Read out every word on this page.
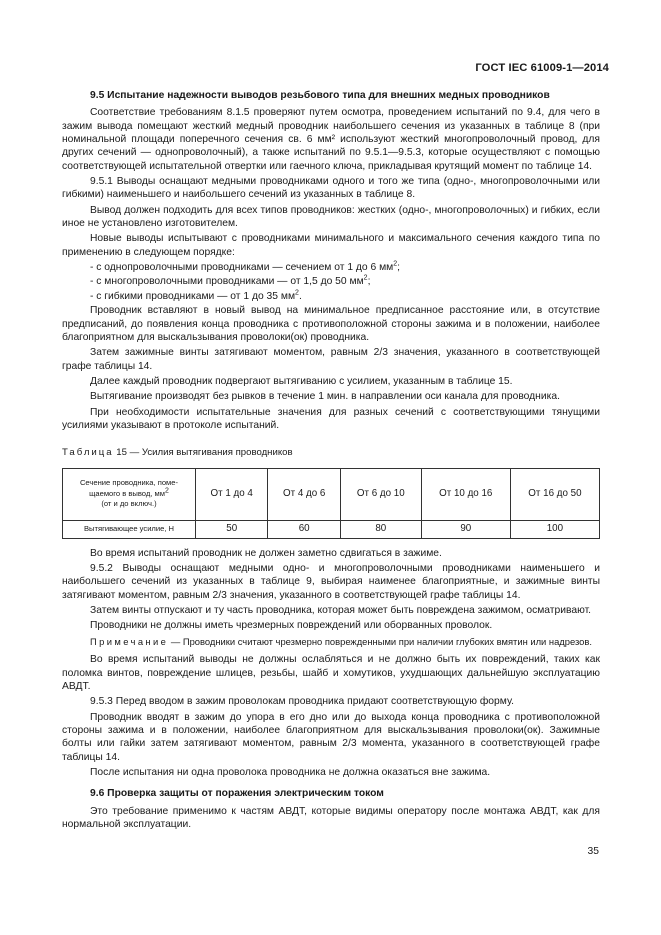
ГОСТ IEC 61009-1—2014
9.5 Испытание надежности выводов резьбового типа для внешних медных проводников
Соответствие требованиям 8.1.5 проверяют путем осмотра, проведением испытаний по 9.4, для чего в зажим вывода помещают жесткий медный проводник наибольшего сечения из указанных в таблице 8 (при номинальной площади поперечного сечения св. 6 мм² используют жесткий многопроволочный провод, для других сечений — однопроволочный), а также испытаний по 9.5.1—9.5.3, которые осуществляют с помощью соответствующей испытательной отвертки или гаечного ключа, прикладывая крутящий момент по таблице 14.
9.5.1 Выводы оснащают медными проводниками одного и того же типа (одно-, многопроволочными или гибкими) наименьшего и наибольшего сечений из указанных в таблице 8.
Вывод должен подходить для всех типов проводников: жестких (одно-, многопроволочных) и гибких, если иное не установлено изготовителем.
Новые выводы испытывают с проводниками минимального и максимального сечения каждого типа по применению в следующем порядке:
- с однопроволочными проводниками — сечением от 1 до 6 $мм^2$;
- с многопроволочными проводниками — от 1,5 до 50 $мм^2$;
- с гибкими проводниками — от 1 до 35 $мм^2$.
Проводник вставляют в новый вывод на минимальное предписанное расстояние или, в отсутствие предписаний, до появления конца проводника с противоположной стороны зажима и в положении, наиболее благоприятном для выскальзывания проволоки(ок) проводника.
Затем зажимные винты затягивают моментом, равным 2/3 значения, указанного в соответствующей графе таблицы 14.
Далее каждый проводник подвергают вытягиванию с усилием, указанным в таблице 15.
Вытягивание производят без рывков в течение 1 мин. в направлении оси канала для проводника.
При необходимости испытательные значения для разных сечений с соответствующими тянущими усилиями указывают в протоколе испытаний.
Таблица 15 — Усилия вытягивания проводников
Сечение проводника, поме-
щаемого в вывод, $мм^2$
(от и до включ.)	От 1 до 4	От 4 до 6	От 6 до 10	От 10 до 16	От 16 до 50
Вытягивающее усилие, Н	50	60	80	90	100
Во время испытаний проводник не должен заметно сдвигаться в зажиме.
9.5.2 Выводы оснащают медными одно- и многопроволочными проводниками наименьшего и наибольшего сечений из указанных в таблице 9, выбирая наименее благоприятные, и зажимные винты затягивают моментом, равным 2/3 значения, указанного в соответствующей графе таблицы 14.
Затем винты отпускают и ту часть проводника, которая может быть повреждена зажимом, осматривают.
Проводники не должны иметь чрезмерных повреждений или оборванных проволок.
Примечание — Проводники считают чрезмерно поврежденными при наличии глубоких вмятин или надрезов.
Во время испытаний выводы не должны ослабляться и не должно быть их повреждений, таких как поломка винтов, повреждение шлицев, резьбы, шайб и хомутиков, ухудшающих дальнейшую эксплуатацию АВДТ.
9.5.3 Перед вводом в зажим проволокам проводника придают соответствующую форму.
Проводник вводят в зажим до упора в его дно или до выхода конца проводника с противоположной стороны зажима и в положении, наиболее благоприятном для выскальзывания проволоки(ок). Зажимные болты или гайки затем затягивают моментом, равным 2/3 момента, указанного в соответствующей графе таблицы 14.
После испытания ни одна проволока проводника не должна оказаться вне зажима.
9.6 Проверка защиты от поражения электрическим током
Это требование применимо к частям АВДТ, которые видимы оператору после монтажа АВДТ, как для нормальной эксплуатации.
35
